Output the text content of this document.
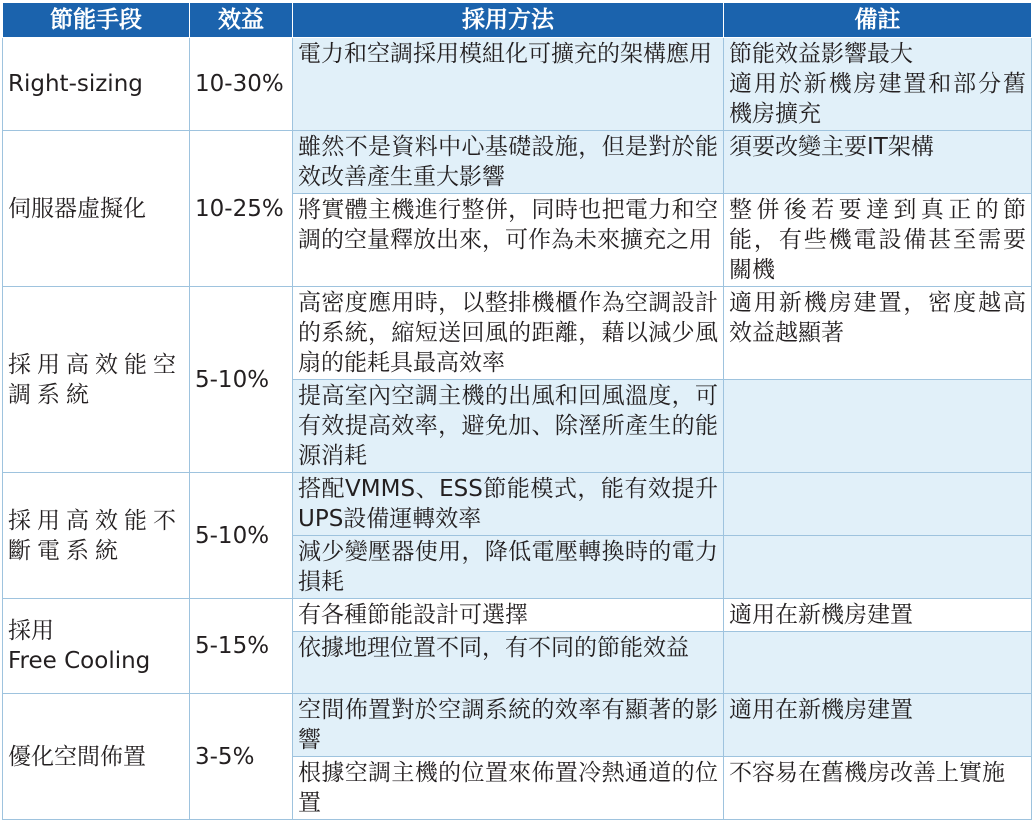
節能手段	效益	採用方法	備註
Right-sizing	10-30%	電力和空調採用模組化可擴充的架構應用	節能效益影響最大
適用於新機房建置和部分舊機房擴充
伺服器虛擬化	10-25%	雖然不是資料中心基礎設施，但是對於能效改善產生重大影響	須要改變主要IT架構
		將實體主機進行整併，同時也把電力和空調的空量釋放出來，可作為未來擴充之用	整併後若要達到真正的節能，有些機電設備甚至需要關機
採用高效能空調系統	5-10%	高密度應用時，以整排機櫃作為空調設計的系統，縮短送回風的距離，藉以減少風扇的能耗具最高效率	適用新機房建置，密度越高效益越顯著
		提高室內空調主機的出風和回風溫度，可有效提高效率，避免加、除溼所產生的能源消耗	
採用高效能不斷電系統	5-10%	搭配VMMS、ESS節能模式，能有效提升UPS設備運轉效率	
		減少變壓器使用，降低電壓轉換時的電力損耗	
採用
Free Cooling	5-15%	有各種節能設計可選擇	適用在新機房建置
		依據地理位置不同，有不同的節能效益	
優化空間佈置	3-5%	空間佈置對於空調系統的效率有顯著的影響	適用在新機房建置
		根據空調主機的位置來佈置冷熱通道的位置	不容易在舊機房改善上實施
